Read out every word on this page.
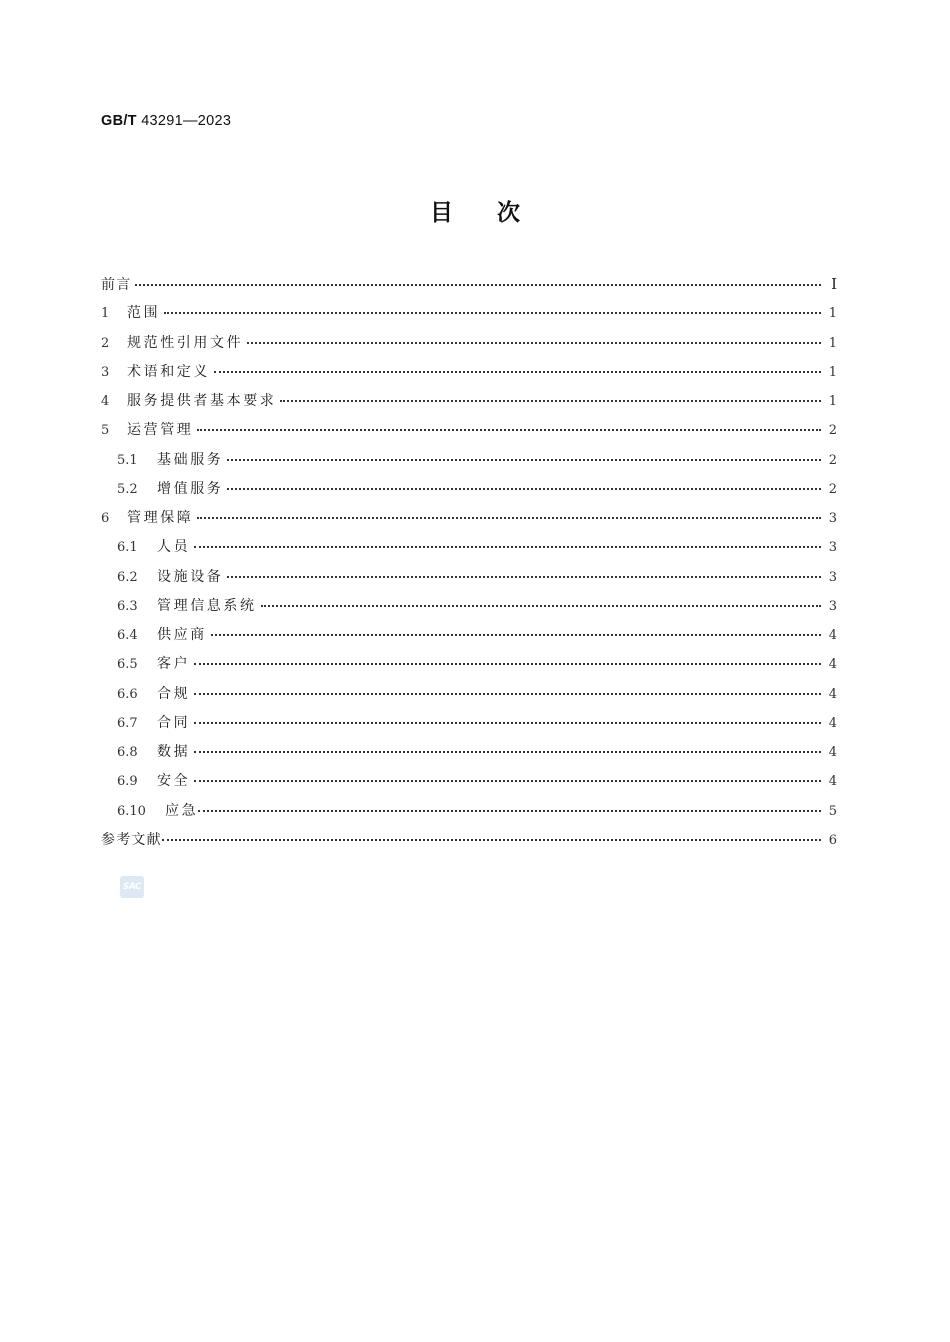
GB/T 43291—2023
目次
前言	Ⅰ
1	范围	1
2	规范性引用文件	1
3	术语和定义	1
4	服务提供者基本要求	1
5	运营管理	2
5.1	基础服务	2
5.2	增值服务	2
6	管理保障	3
6.1	人员	3
6.2	设施设备	3
6.3	管理信息系统	3
6.4	供应商	4
6.5	客户	4
6.6	合规	4
6.7	合同	4
6.8	数据	4
6.9	安全	4
6.10	应急	5
参考文献	6
SAC
